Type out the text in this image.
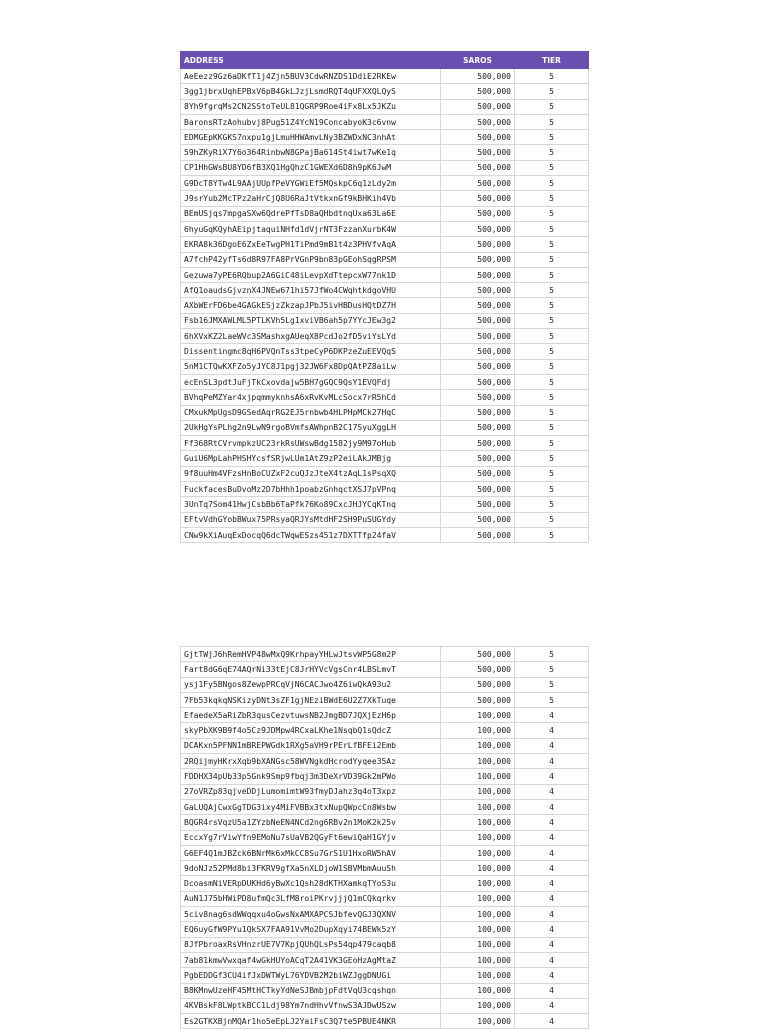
ADDRESS	SAROS	TIER
AeEezz9Gz6aDKfT1j4Zjn5BUV3CdwRNZDS1DdiE2RKEw	500,000	5
3gg1jbrxUqhEPBxV6pB4GkLJzjLsmdRQT4qUFXXQLQyS	500,000	5
8Yh9fgrqMs2CN2SStoTeUL81QGRP9Roe4iFx8Lx5JKZu	500,000	5
BaronsRTzAohubvj8Pug51Z4YcN19ConcabyoK3c6vnw	500,000	5
EDMGEpKKGKS7nxpu1gjLmuHHWAmvLNy3BZWDxNC3nhAt	500,000	5
59hZKyRiX7Y6o364RinbwN8GPajBa614St4iwt7wKe1q	500,000	5
CP1HhGWsBU8YD6fB3XQ1HgQhzC1GWEXd6D8h9pK6JwM	500,000	5
G9DcT8YTw4L9AAjUUpfPeVYGWiEf5MQskpC6q1zLdy2m	500,000	5
J9srYub2McTPz2aHrCjQ8U6RaJtVtkxnGf9kBHKih4Vb	500,000	5
BEmUSjqs7mpgaSXw6QdrePfTsD8aQHbdtnqUxa63La6E	500,000	5
6hyuGqKQyhAEipjtaquiNHfd1dVjrNT3FzzanXurbK4W	500,000	5
EKRA8k36DgoE6ZxEeTwgPH1TiPmd9mB1t4z3PHVfvAqA	500,000	5
A7fchP42yfTs6d8R97FA8PrVGnP9bn83pGEohSqgRPSM	500,000	5
Gezuwa7yPE6RQbup2A6GiC48iLevpXdTtepcxW77nk1D	500,000	5
AfQ1oaudsGjvznX4JNEw671hi57JfWo4CWqhtkdgoVHU	500,000	5
AXbWErFD6be4GAGkESjzZkzapJPbJ5ivHBDusHQtDZ7H	500,000	5
Fsb16JMXAWLML5PTLKVh5Lg1xviVB6ah5p7YYcJEw3g2	500,000	5
6hXVxKZ2LaeWVc3SMashxgAUeqX8PcdJo2fD5viYsLYd	500,000	5
Dissentingmc8qH6PVQnTss3tpeCyP6DKPzeZuEEVQqS	500,000	5
5nM1CTQwKXFZo5yJYC8J1pgj32JW6Fx8DpQAtPZ8aiLw	500,000	5
ecEnSL3pdtJuFjTkCxovdajw5BH7gGQC9QsY1EVQFdj	500,000	5
BVhqPeMZYar4xjpqmmyknhsA6xRvKvMLcSocx7rR5hCd	500,000	5
CMxukMpUgsD9GSedAqrRG2EJ5rnbwb4HLPHpMCk27HqC	500,000	5
2UkHgYsPLhg2n9LwN9rgoBVmfsAWhpnB2C17SyuXggLH	500,000	5
Ff368RtCVrvmpkzUC23rkRsUWswBdg1582jy9M97oHub	500,000	5
GuiU6MpLahPHSHYcsfSRjwLUm1AtZ9zP2eiLAkJMBjg	500,000	5
9f8uuHm4VFzsHnBoCUZxF2cuQJzJteX4tzAqL1sPsqXQ	500,000	5
FuckfacesBuDvoMz2D7bHhh1poabzGnhqctXSJ7pVPnq	500,000	5
3UnTq7Som41HwjCsbBb6TaPfk76Ko89CxcJHJYCqKTnq	500,000	5
EFtvVdhGYobBWux75PRsyaQRJYsMtdHF2SH9PuSUGYdy	500,000	5
CNw9kXiAuqExDocqQ6dcTWqwESzs451z7DXTTfp24faV	500,000	5
GjtTWjJ6hRemHVP48wMxQ9KrhpayYHLwJtsvWP5G8m2P	500,000	5
Fart8dG6qE74AQrNi33tEjC8JrHYVcVgsCnr4LBSLmvT	500,000	5
ysj1Fy5BNgos8ZewpPRCqVjN6CACJwo4Z6iwQkA93u2	500,000	5
7Fb53kqkqNSKizyDNt3sZF1gjNEziBWdE6U2Z7XkTuqe	500,000	5
EfaedeX5aRiZbR3qusCezvtuwsNB2JmgBD7JQXjEzH6p	100,000	4
skyPbXK9B9f4o5Cz9JDMpw4RCxaLKhe1NsqbQ1sQdcZ	100,000	4
DCAKxn5PFNN1mBREPWGdk1RXg5aVH9rPErLfBFEi2Emb	100,000	4
2RQijmyHKrxXqb9bXANGsc58WVNgkdHcrodYyqee35Az	100,000	4
FDDHX34pUb33p5Gnk9Smp9fbqj3m3DeXrVD39Gk2mPWo	100,000	4
27oVRZp83qjveDDjLumomimtW93fmyDJahz3q4oT3xpz	100,000	4
GaLUQAjCwxGgTDG3ixy4MiFVBBx3txNupQWpcCn8Wsbw	100,000	4
BQGR4rsVqzU5a1ZYzbNeEN4NCd2ng6RBv2n1MoK2k25v	100,000	4
EccxYg7rViwYfn9EMoNu7sUaVB2QGyFt6ewiQaH1GYjv	100,000	4
G6EF4Q1mJBZck6BNrMk6xMkCC8Su7GrS1U1HxoRW5hAV	100,000	4
9doNJz52PMd8bi3FKRV9gfXa5nXLDjoW1SBVMbmAuuSh	100,000	4
DcoasmNiVERpDUKHd6yBwXc1Qsh28dKTHXamkqTYoS3u	100,000	4
AuN1J75bHWiPD8ufmQc3LfM8roiPKrvjjjQ1mCQkqrkv	100,000	4
5civ8nag6sdWWqqxu4oGwsNxAMXAPCSJbfevQGJ3QXNV	100,000	4
EQ6uyGfW9PYu1QkSX7FAA91VvMo2DupXqyi74BEWk5zY	100,000	4
8JfPbroaxRsVHnzrUE7V7KpjQUhQLsPs54qp479caqb8	100,000	4
7ab81kmwVwxqaf4wGkHUYoACqT2A41VK3GEoHzAgMtaZ	100,000	4
PgbEDDGf3CU4ifJxDWTWyL76YDVB2M2biWZJggDNUGi	100,000	4
B8KMnwUzeHF45MtHCTkyYdNeSJBmbjpFdtVqU3cqshqn	100,000	4
4KVBskF8LWptkBCC1Ldj98Ym7ndHhvVfnwS3AJDwUSzw	100,000	4
Es2GTKXBjnMQAr1ho5eEpLJ2YaiFsC3Q7te5PBUE4NKR	100,000	4
